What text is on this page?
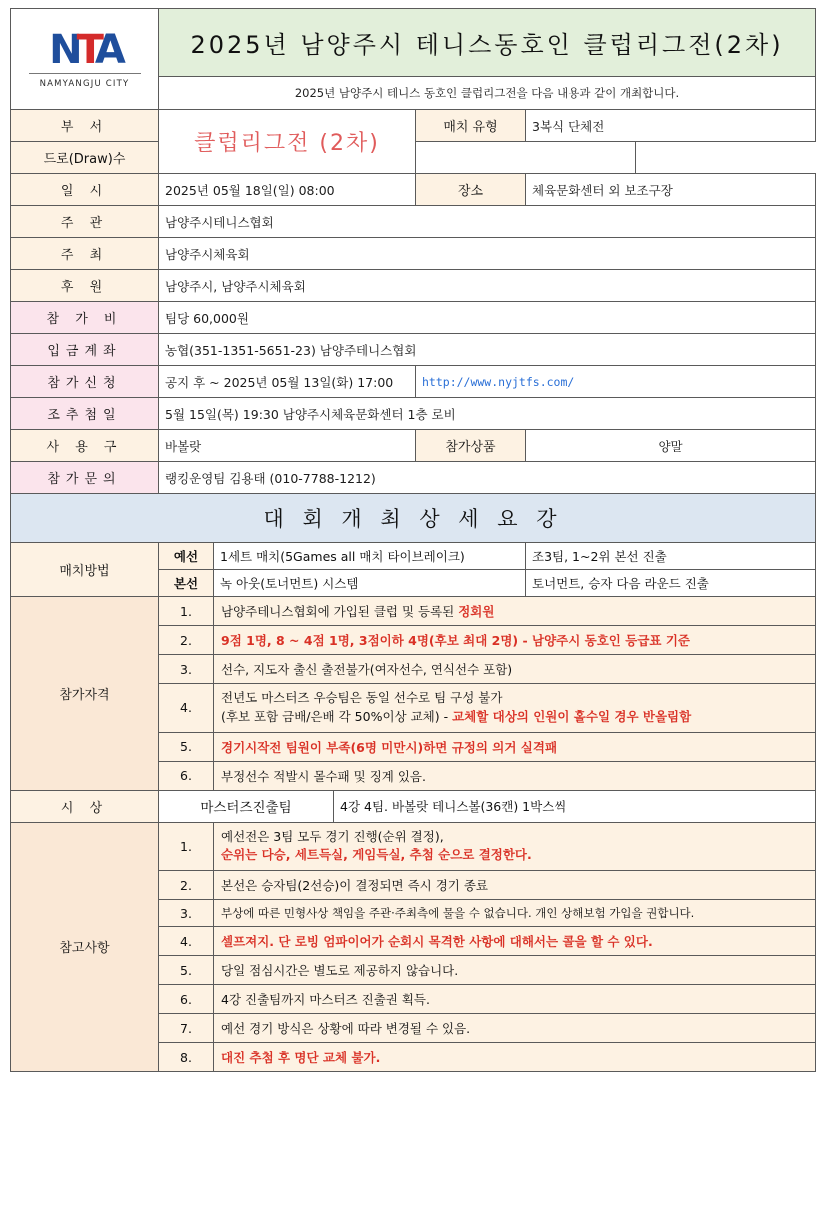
NTA
NAMYANGJU CITY	2025년 남양주시 테니스동호인 클럽리그전(2차)				
	2025년 남양주시 테니스 동호인 클럽리그전을 다음 내용과 같이 개최합니다.				
부 서	클럽리그전 (2차)			매치 유형	3복식 단체전
드로(Draw)수					
일 시	2025년 05월 18일(일) 08:00			장소	체육문화센터 외 보조구장
주 관	남양주시테니스협회				
주 최	남양주시체육회				
후 원	남양주시, 남양주시체육회				
참 가 비	팀당 60,000원				
입금계좌	농협(351-1351-5651-23) 남양주테니스협회				
참가신청	공지 후 ~ 2025년 05월 13일(화) 17:00			http://www.nyjtfs.com/	
조추첨일	5월 15일(목) 19:30 남양주시체육문화센터 1층 로비				
사 용 구	바볼랏			참가상품	양말
참가문의	랭킹운영팀 김용태 (010-7788-1212)				
대 회 개 최 상 세 요 강					
매치방법	예선	1세트 매치(5Games all 매치 타이브레이크)			조3팀, 1~2위 본선 진출
	본선	녹 아웃(토너먼트) 시스템			토너먼트, 승자 다음 라운드 진출
참가자격	1.	남양주테니스협회에 가입된 클럽 및 등록된 정회원			
	2.	9점 1명, 8 ~ 4점 1명, 3점이하 4명(후보 최대 2명) - 남양주시 동호인 등급표 기준			
	3.	선수, 지도자 출신 출전불가(여자선수, 연식선수 포함)			
	4.	전년도 마스터즈 우승팀은 동일 선수로 팀 구성 불가
(후보 포함 금배/은배 각 50%이상 교체) - 교체할 대상의 인원이 홀수일 경우 반올림함			

	5.	경기시작전 팀원이 부족(6명 미만시)하면 규정의 의거 실격패			
	6.	부정선수 적발시 몰수패 및 징계 있음.			
시 상	마스터즈진출팀		4강 4팀. 바볼랏 테니스볼(36캔) 1박스씩		
참고사항	1.	예선전은 3팀 모두 경기 진행(순위 결정),
순위는 다승, 세트득실, 게임득실, 추첨 순으로 결정한다.			

	2.	본선은 승자팀(2선승)이 결정되면 즉시 경기 종료			
	3.	부상에 따른 민형사상 책임을 주관·주최측에 물을 수 없습니다. 개인 상해보험 가입을 권합니다.			
	4.	셀프져지. 단 로빙 엄파이어가 순회시 목격한 사항에 대해서는 콜을 할 수 있다.			
	5.	당일 점심시간은 별도로 제공하지 않습니다.			
	6.	4강 진출팀까지 마스터즈 진출권 획득.			
	7.	예선 경기 방식은 상황에 따라 변경될 수 있음.			
	8.	대진 추첨 후 명단 교체 불가.			
